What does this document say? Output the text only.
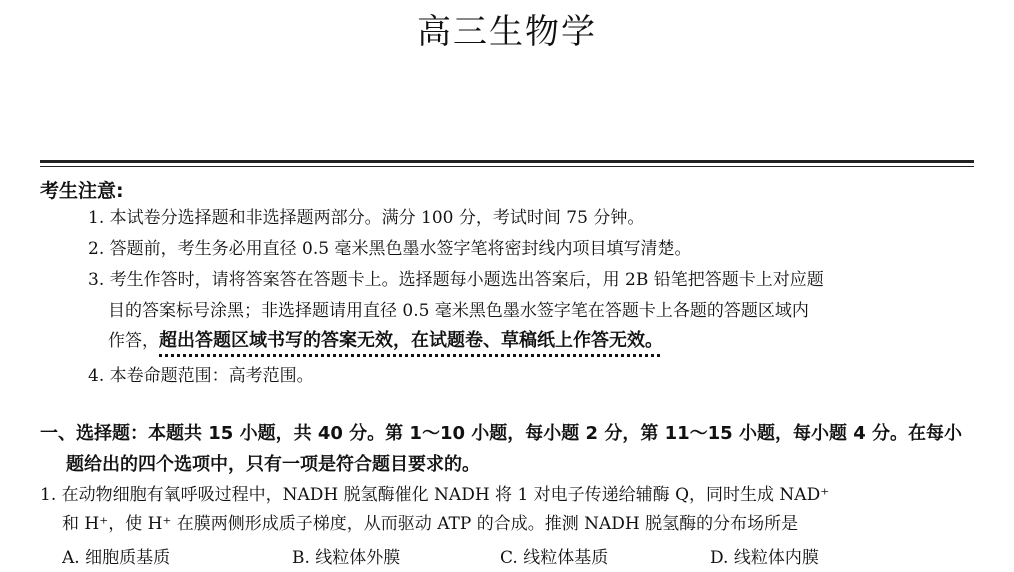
高三生物学
考生注意:
1. 本试卷分选择题和非选择题两部分。满分 100 分，考试时间 75 分钟。
2. 答题前，考生务必用直径 0.5 毫米黑色墨水签字笔将密封线内项目填写清楚。
3. 考生作答时，请将答案答在答题卡上。选择题每小题选出答案后，用 2B 铅笔把答题卡上对应题
目的答案标号涂黑；非选择题请用直径 0.5 毫米黑色墨水签字笔在答题卡上各题的答题区域内
作答，超出答题区域书写的答案无效，在试题卷、草稿纸上作答无效。
4. 本卷命题范围：高考范围。
一、选择题：本题共 15 小题，共 40 分。第 1～10 小题，每小题 2 分，第 11～15 小题，每小题 4 分。在每小
题给出的四个选项中，只有一项是符合题目要求的。
1. 在动物细胞有氧呼吸过程中，NADH 脱氢酶催化 NADH 将 1 对电子传递给辅酶 Q，同时生成 NAD⁺
和 H⁺，使 H⁺ 在膜两侧形成质子梯度，从而驱动 ATP 的合成。推测 NADH 脱氢酶的分布场所是
A. 细胞质基质	B. 线粒体外膜	C. 线粒体基质	D. 线粒体内膜
